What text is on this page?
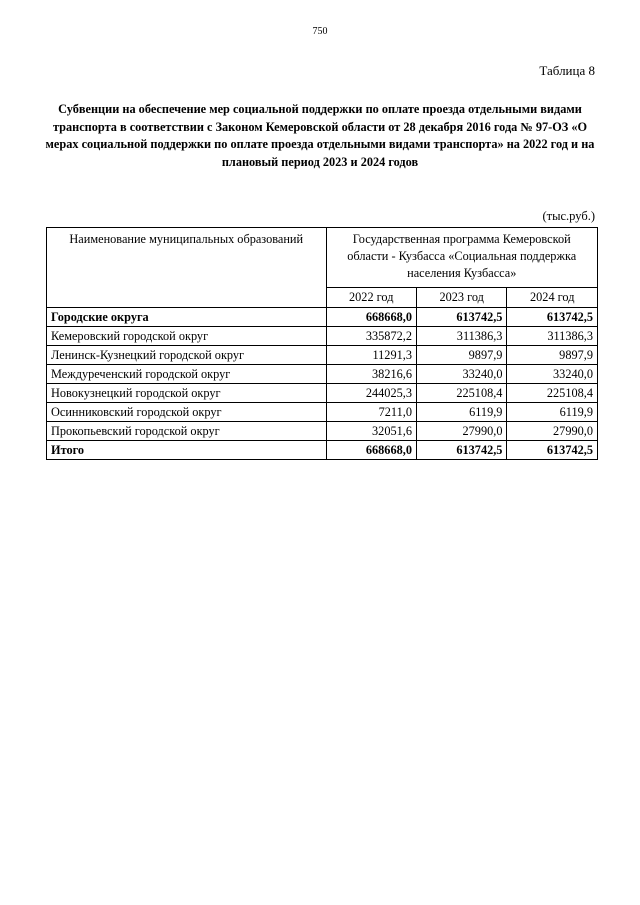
750
Таблица 8
Субвенции на обеспечение мер социальной поддержки по оплате проезда отдельными видами транспорта в соответствии с Законом Кемеровской области от 28 декабря 2016 года № 97-ОЗ «О мерах социальной поддержки по оплате проезда отдельными видами транспорта» на 2022 год и на плановый период 2023 и 2024 годов
(тыс.руб.)
Наименование муниципальных образований	Государственная программа Кемеровской области - Кузбасса «Социальная поддержка населения Кузбасса»		
	2022 год	2023 год	2024 год
Городские округа	668668,0	613742,5	613742,5
Кемеровский городской округ	335872,2	311386,3	311386,3
Ленинск-Кузнецкий городской округ	11291,3	9897,9	9897,9
Междуреченский городской округ	38216,6	33240,0	33240,0
Новокузнецкий городской округ	244025,3	225108,4	225108,4
Осинниковский городской округ	7211,0	6119,9	6119,9
Прокопьевский городской округ	32051,6	27990,0	27990,0
Итого	668668,0	613742,5	613742,5
